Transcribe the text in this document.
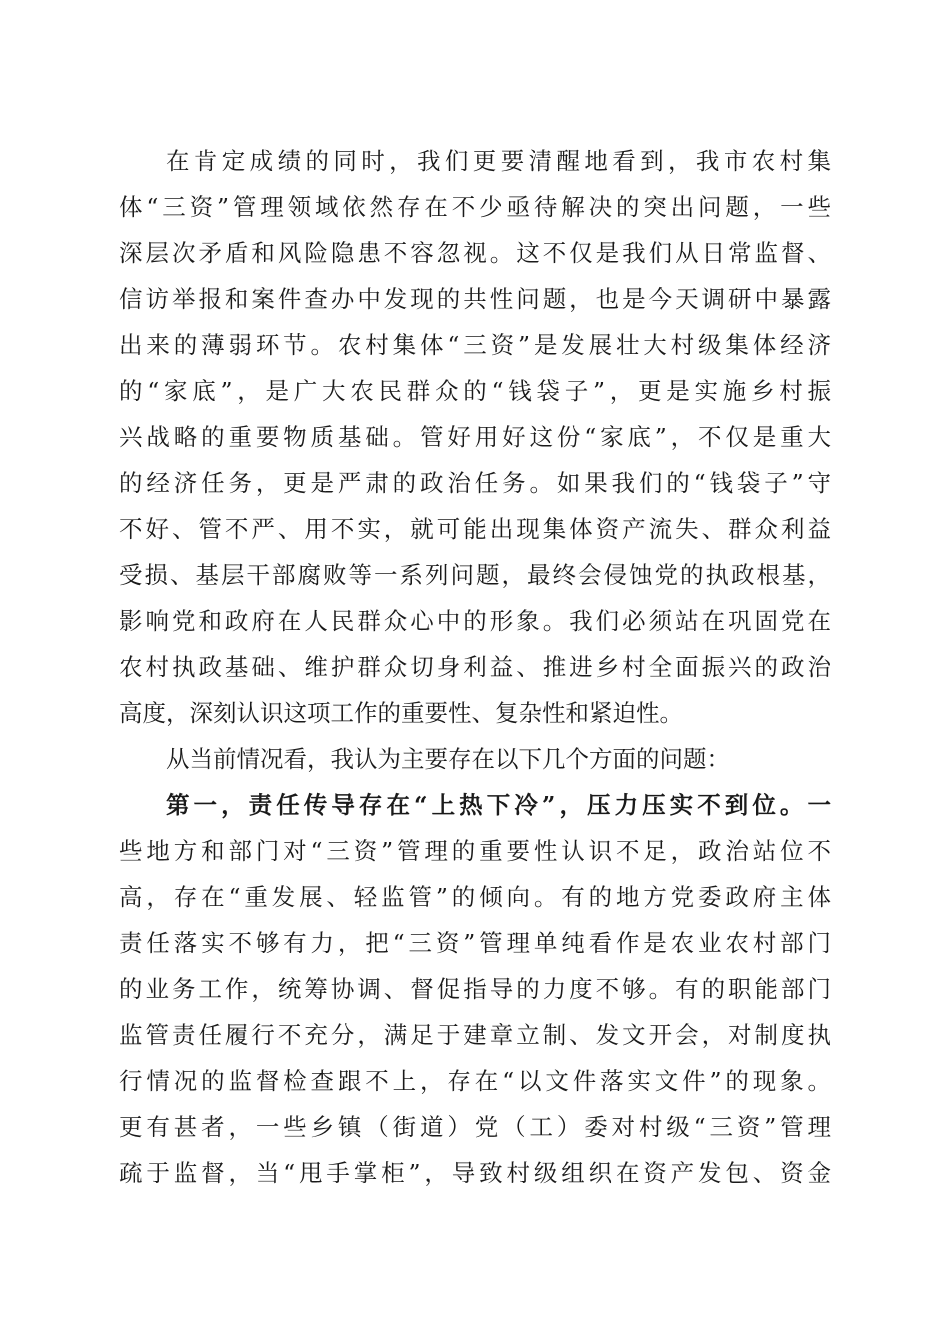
在肯定成绩的同时，我们更要清醒地看到，我市农村集
体“三资”管理领域依然存在不少亟待解决的突出问题，一些
深层次矛盾和风险隐患不容忽视。这不仅是我们从日常监督、
信访举报和案件查办中发现的共性问题，也是今天调研中暴露
出来的薄弱环节。农村集体“三资”是发展壮大村级集体经济
的“家底”，是广大农民群众的“钱袋子”，更是实施乡村振
兴战略的重要物质基础。管好用好这份“家底”，不仅是重大
的经济任务，更是严肃的政治任务。如果我们的“钱袋子”守
不好、管不严、用不实，就可能出现集体资产流失、群众利益
受损、基层干部腐败等一系列问题，最终会侵蚀党的执政根基，
影响党和政府在人民群众心中的形象。我们必须站在巩固党在
农村执政基础、维护群众切身利益、推进乡村全面振兴的政治
高度，深刻认识这项工作的重要性、复杂性和紧迫性。
从当前情况看，我认为主要存在以下几个方面的问题：
第一，责任传导存在“上热下冷”，压力压实不到位。一
些地方和部门对“三资”管理的重要性认识不足，政治站位不
高，存在“重发展、轻监管”的倾向。有的地方党委政府主体
责任落实不够有力，把“三资”管理单纯看作是农业农村部门
的业务工作，统筹协调、督促指导的力度不够。有的职能部门
监管责任履行不充分，满足于建章立制、发文开会，对制度执
行情况的监督检查跟不上，存在“以文件落实文件”的现象。
更有甚者，一些乡镇（街道）党（工）委对村级“三资”管理
疏于监督，当“甩手掌柜”，导致村级组织在资产发包、资金
